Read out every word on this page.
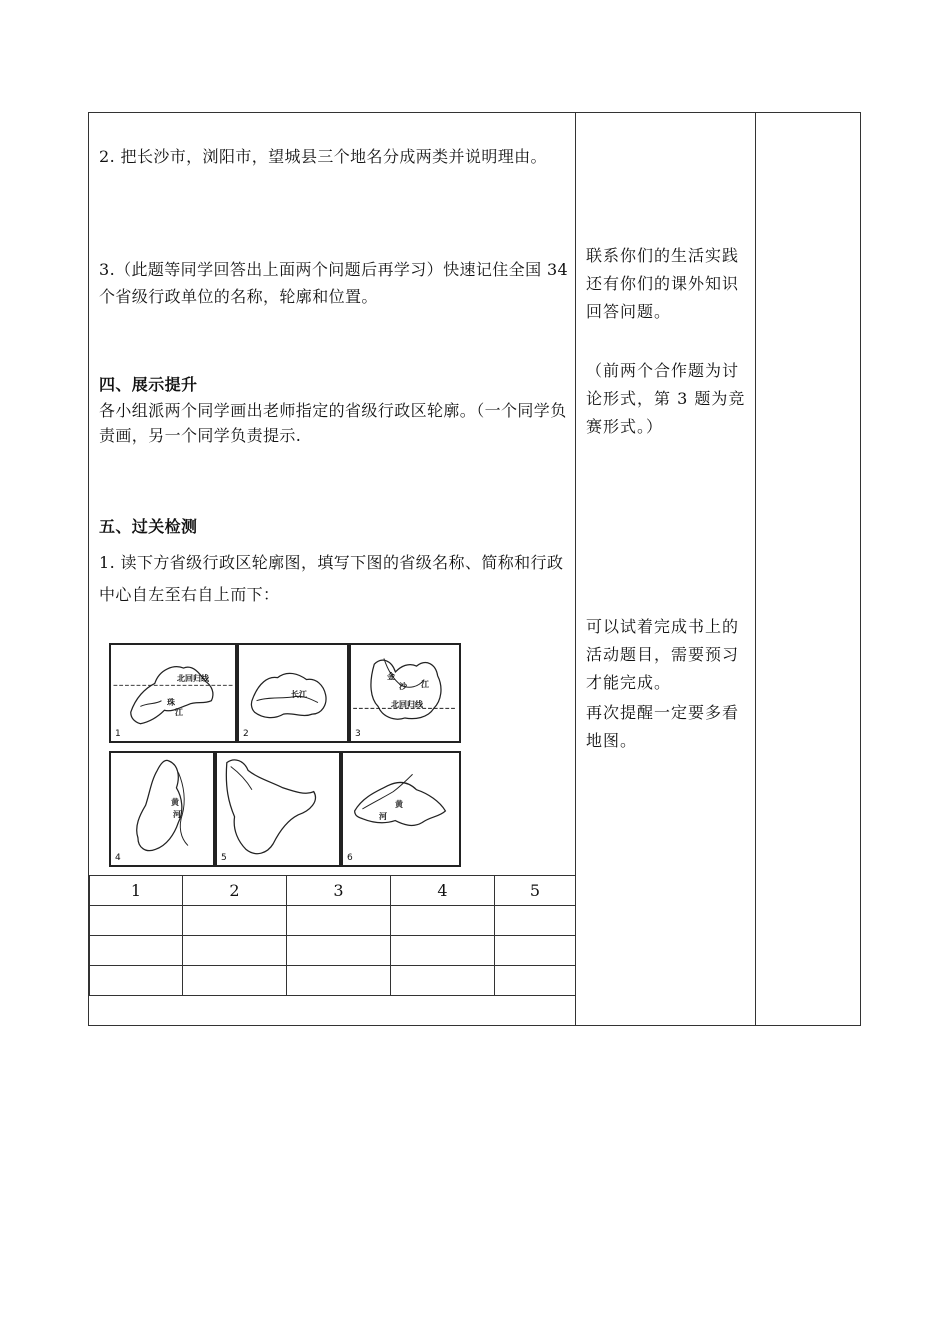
2. 把长沙市，浏阳市，望城县三个地名分成两类并说明理由。
3.（此题等同学回答出上面两个问题后再学习）快速记住全国 34 个省级行政单位的名称，轮廓和位置。
四、展示提升
各小组派两个同学画出老师指定的省级行政区轮廓。（一个同学负责画，另一个同学负责提示.
五、过关检测
1. 读下方省级行政区轮廓图，填写下图的省级名称、简称和行政中心自左至右自上而下：
北回归线
珠
江
1
长江
2
金
沙 江
北回归线
3
黄
河
4	5
黄
河
6
1	2	3	4	5

联系你们的生活实践还有你们的课外知识回答问题。
（前两个合作题为讨论形式，第 3 题为竞赛形式。）
可以试着完成书上的活动题目，需要预习才能完成。
再次提醒一定要多看地图。
